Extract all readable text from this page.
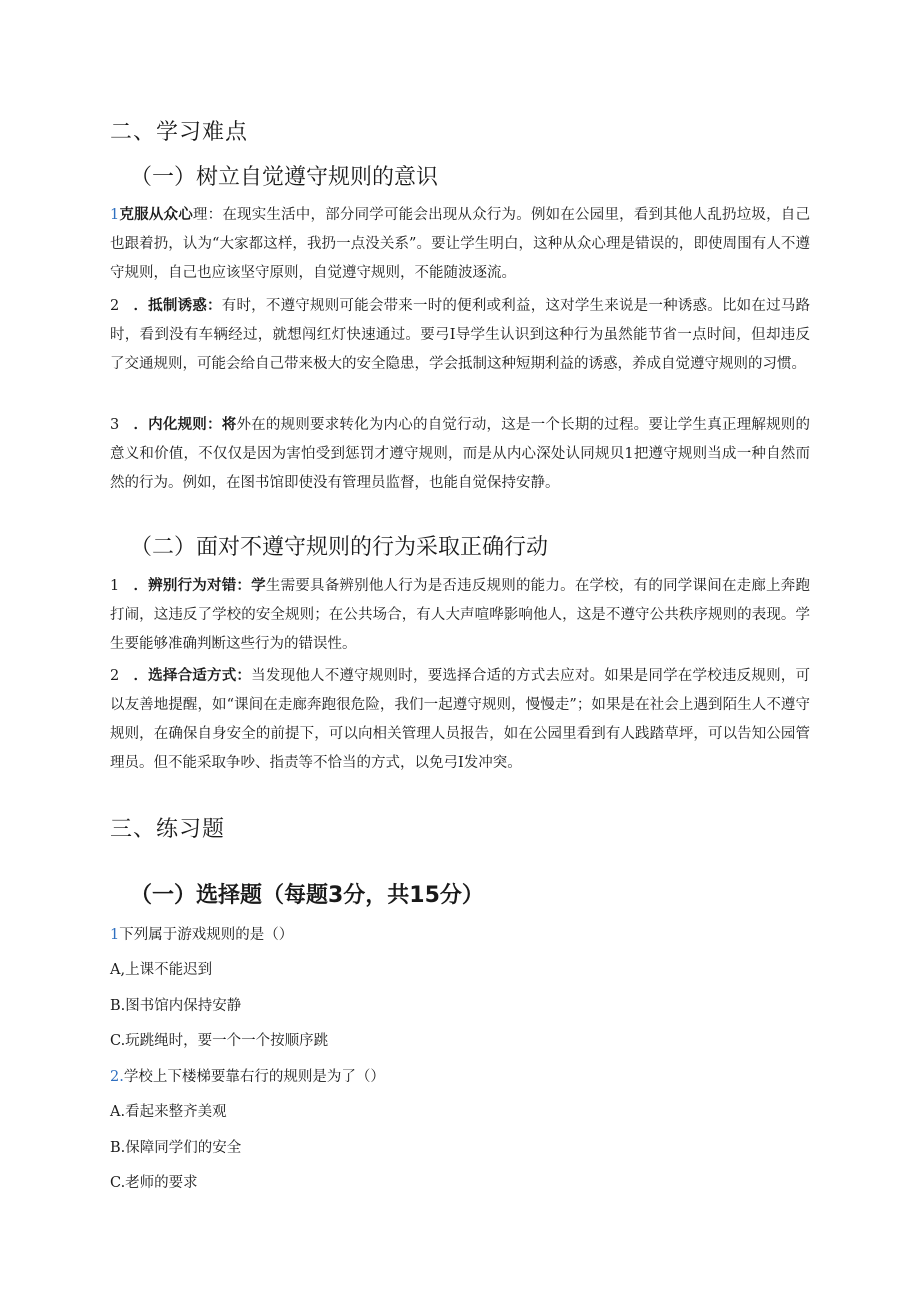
二、学习难点
（一）树立自觉遵守规则的意识

1克服从众心理：在现实生活中，部分同学可能会出现从众行为。例如在公园里，看到其他人乱扔垃圾，自己也跟着扔，认为“大家都这样，我扔一点没关系”。要让学生明白，这种从众心理是错误的，即使周围有人不遵守规则，自己也应该坚守原则，自觉遵守规则，不能随波逐流。

2 ．抵制诱惑：有时，不遵守规则可能会带来一时的便利或利益，这对学生来说是一种诱惑。比如在过马路时，看到没有车辆经过，就想闯红灯快速通过。要弓I导学生认识到这种行为虽然能节省一点时间，但却违反了交通规则，可能会给自己带来极大的安全隐患，学会抵制这种短期利益的诱惑，养成自觉遵守规则的习惯。

3 ．内化规则：将外在的规则要求转化为内心的自觉行动，这是一个长期的过程。要让学生真正理解规则的意义和价值，不仅仅是因为害怕受到惩罚才遵守规则，而是从内心深处认同规贝1把遵守规则当成一种自然而然的行为。例如，在图书馆即使没有管理员监督，也能自觉保持安静。

（二）面对不遵守规则的行为采取正确行动

1 ．辨别行为对错：学生需要具备辨别他人行为是否违反规则的能力。在学校，有的同学课间在走廊上奔跑打闹，这违反了学校的安全规则；在公共场合，有人大声喧哗影响他人，这是不遵守公共秩序规则的表现。学生要能够准确判断这些行为的错误性。

2 ．选择合适方式：当发现他人不遵守规则时，要选择合适的方式去应对。如果是同学在学校违反规则，可以友善地提醒，如“课间在走廊奔跑很危险，我们一起遵守规则，慢慢走”；如果是在社会上遇到陌生人不遵守规则，在确保自身安全的前提下，可以向相关管理人员报告，如在公园里看到有人践踏草坪，可以告知公园管理员。但不能采取争吵、指责等不恰当的方式，以免弓I发冲突。

三、练习题
（一）选择题（每题3分，共15分）

1下列属于游戏规则的是（）

A,上课不能迟到

B.图书馆内保持安静

C.玩跳绳时，要一个一个按顺序跳

2.学校上下楼梯要靠右行的规则是为了（）

A.看起来整齐美观

B.保障同学们的安全

C.老师的要求
